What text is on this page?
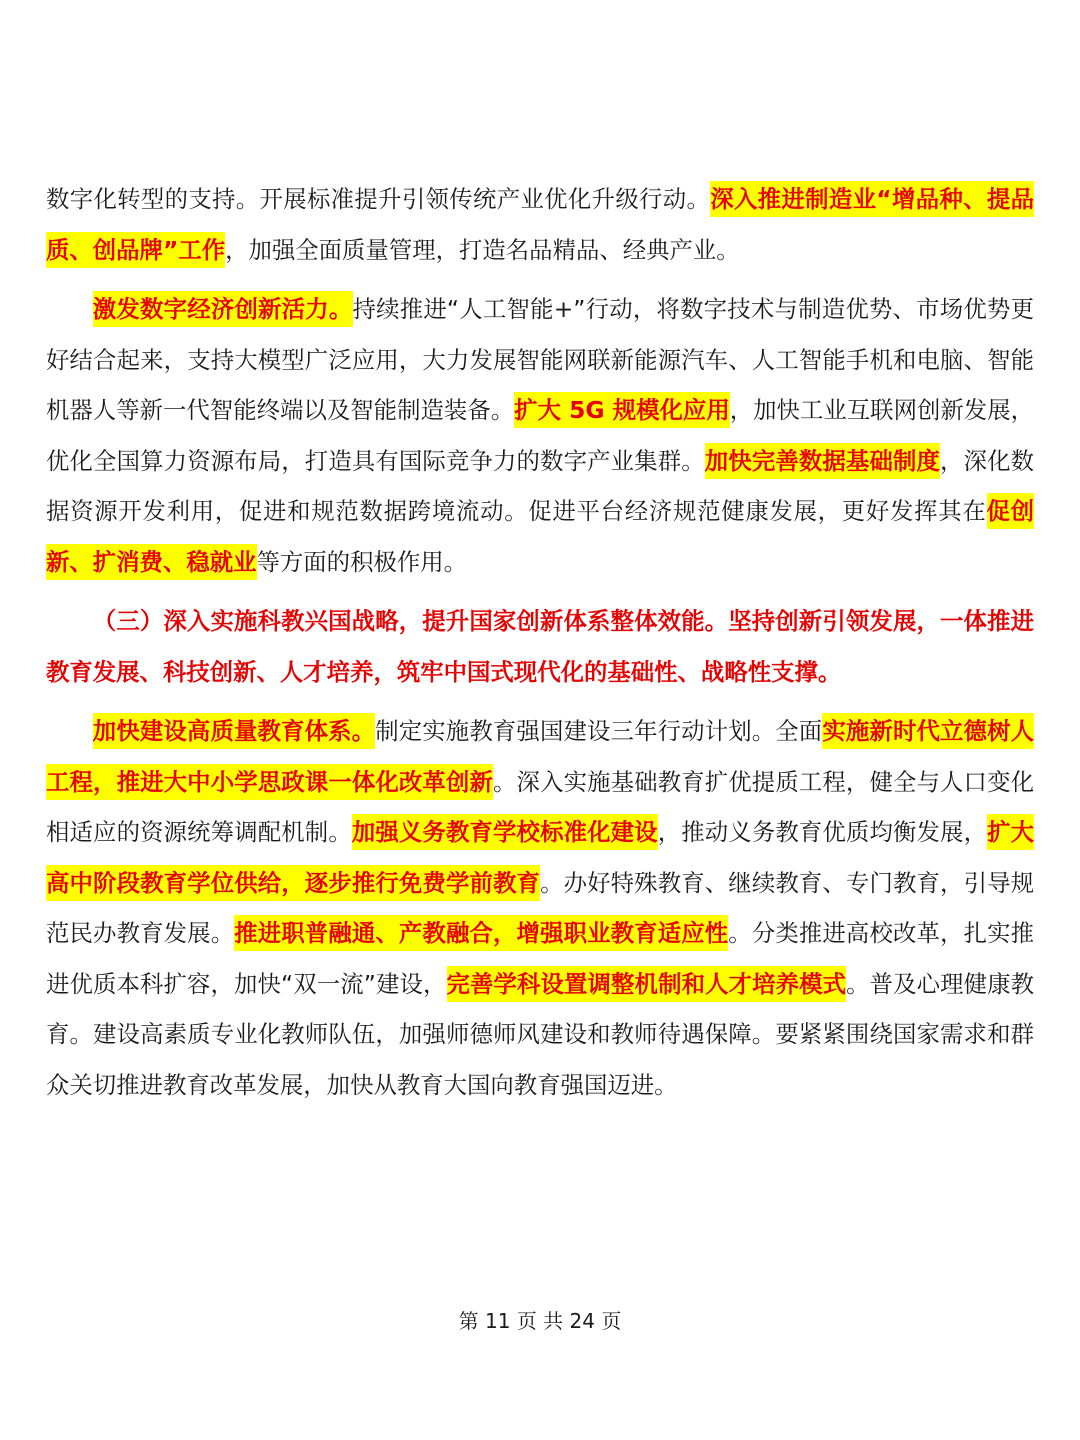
数字化转型的支持。开展标准提升引领传统产业优化升级行动。深入推进制造业“增品种、提品质、创品牌”工作，加强全面质量管理，打造名品精品、经典产业。

激发数字经济创新活力。持续推进“人工智能+”行动，将数字技术与制造优势、市场优势更好结合起来，支持大模型广泛应用，大力发展智能网联新能源汽车、人工智能手机和电脑、智能机器人等新一代智能终端以及智能制造装备。扩大 5G 规模化应用，加快工业互联网创新发展，优化全国算力资源布局，打造具有国际竞争力的数字产业集群。加快完善数据基础制度，深化数据资源开发利用，促进和规范数据跨境流动。促进平台经济规范健康发展，更好发挥其在促创新、扩消费、稳就业等方面的积极作用。

（三）深入实施科教兴国战略，提升国家创新体系整体效能。坚持创新引领发展，一体推进教育发展、科技创新、人才培养，筑牢中国式现代化的基础性、战略性支撑。

加快建设高质量教育体系。制定实施教育强国建设三年行动计划。全面实施新时代立德树人工程，推进大中小学思政课一体化改革创新。深入实施基础教育扩优提质工程，健全与人口变化相适应的资源统筹调配机制。加强义务教育学校标准化建设，推动义务教育优质均衡发展，扩大高中阶段教育学位供给，逐步推行免费学前教育。办好特殊教育、继续教育、专门教育，引导规范民办教育发展。推进职普融通、产教融合，增强职业教育适应性。分类推进高校改革，扎实推进优质本科扩容，加快“双一流”建设，完善学科设置调整机制和人才培养模式。普及心理健康教育。建设高素质专业化教师队伍，加强师德师风建设和教师待遇保障。要紧紧围绕国家需求和群众关切推进教育改革发展，加快从教育大国向教育强国迈进。

第 11 页 共 24 页
